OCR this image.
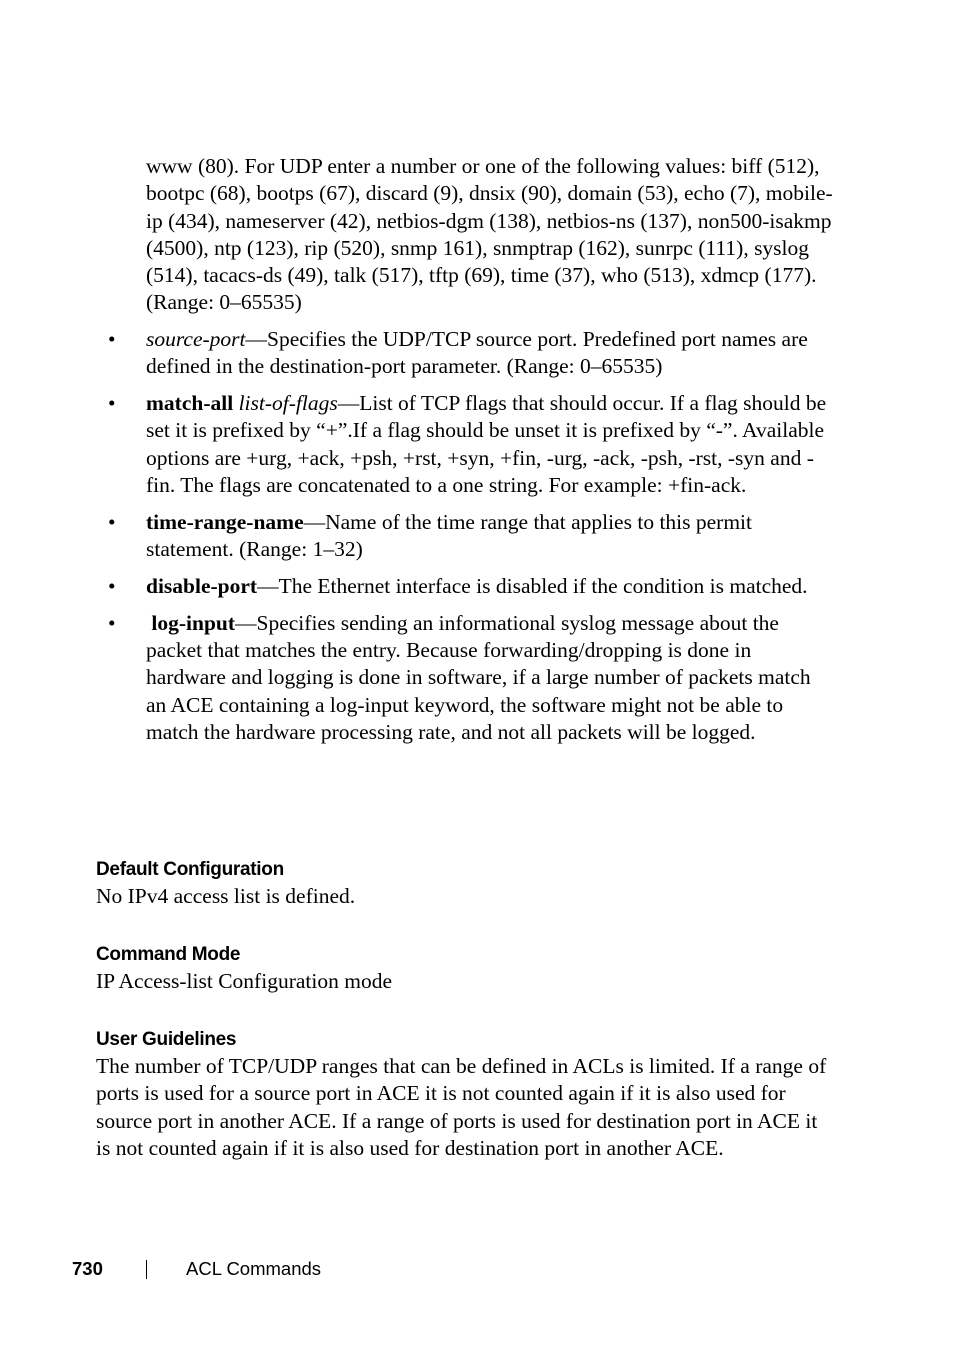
www (80). For UDP enter a number or one of the following values: biff (512), bootpc (68), bootps (67), discard (9), dnsix (90), domain (53), echo (7), mobile-ip (434), nameserver (42), netbios-dgm (138), netbios-ns (137), non500-isakmp (4500), ntp (123), rip (520), snmp 161), snmptrap (162), sunrpc (111), syslog (514), tacacs-ds (49), talk (517), tftp (69), time (37), who (513), xdmcp (177). (Range: 0–65535)

• source-port—Specifies the UDP/TCP source port. Predefined port names are defined in the destination-port parameter. (Range: 0–65535)
• match-all list-of-flags—List of TCP flags that should occur. If a flag should be set it is prefixed by “+”.If a flag should be unset it is prefixed by “-”. Available options are +urg, +ack, +psh, +rst, +syn, +fin, -urg, -ack, -psh, -rst, -syn and -fin. The flags are concatenated to a one string. For example: +fin-ack.
• time-range-name—Name of the time range that applies to this permit statement. (Range: 1–32)
• disable-port—The Ethernet interface is disabled if the condition is matched.
• log-input—Specifies sending an informational syslog message about the packet that matches the entry. Because forwarding/dropping is done in hardware and logging is done in software, if a large number of packets match an ACE containing a log-input keyword, the software might not be able to match the hardware processing rate, and not all packets will be logged.
Default Configuration

No IPv4 access list is defined.

Command Mode

IP Access-list Configuration mode

User Guidelines

The number of TCP/UDP ranges that can be defined in ACLs is limited. If a range of ports is used for a source port in ACE it is not counted again if it is also used for source port in another ACE. If a range of ports is used for destination port in ACE it is not counted again if it is also used for destination port in another ACE.

730	ACL Commands
